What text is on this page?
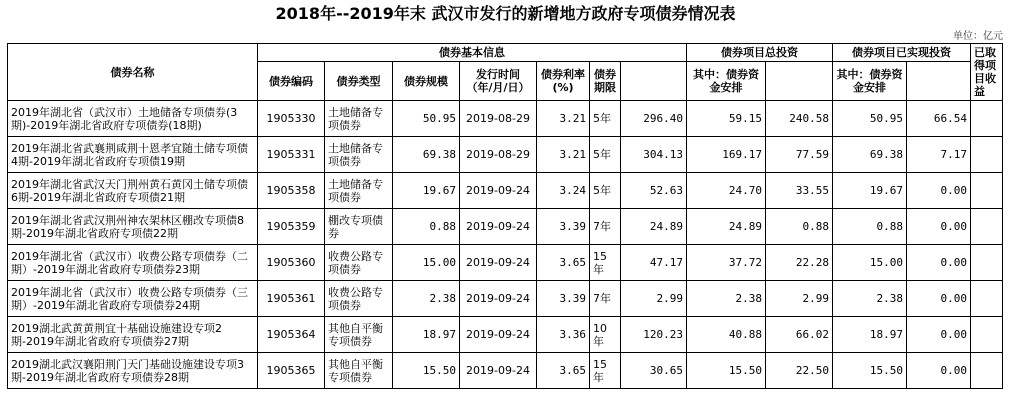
2018年--2019年末 武汉市发行的新增地方政府专项债券情况表
单位：亿元
债券名称	债券基本信息							债券项目总投资		债券项目已实现投资		已取得项目收益	
	债券编码	债券类型	债券规模	发行时间（年/月/日）	债券利率(%)	债券期限		其中：债券资金安排		其中：债券资金安排			
2019年湖北省（武汉市）土地储备专项债券(3期)-2019年湖北省政府专项债券(18期)	1905330	土地储备专项债券	50.95	2019-08-29	3.21	5年	296.40	59.15	240.58	50.95	66.54		
2019年湖北省武襄荆咸荆十恩孝宜随土储专项债4期-2019年湖北省政府专项债19期	1905331	土地储备专项债券	69.38	2019-08-29	3.21	5年	304.13	169.17	77.59	69.38	7.17		
2019年湖北省武汉天门荆州黄石黄冈土储专项债6期-2019年湖北省政府专项债21期	1905358	土地储备专项债券	19.67	2019-09-24	3.24	5年	52.63	24.70	33.55	19.67	0.00		
2019年湖北省武汉荆州神农架林区棚改专项债8期-2019年湖北省政府专项债22期	1905359	棚改专项债券	0.88	2019-09-24	3.39	7年	24.89	24.89	0.88	0.88	0.00		
2019年湖北省（武汉市）收费公路专项债券（二期）-2019年湖北省政府专项债券23期	1905360	收费公路专项债券	15.00	2019-09-24	3.65	15年	47.17	37.72	22.28	15.00	0.00		
2019年湖北省（武汉市）收费公路专项债券（三期）-2019年湖北省政府专项债券24期	1905361	收费公路专项债券	2.38	2019-09-24	3.39	7年	2.99	2.38	2.99	2.38	0.00		
2019湖北武黄黄荆宜十基础设施建设专项2期-2019年湖北省政府专项债券27期	1905364	其他自平衡专项债券	18.97	2019-09-24	3.36	10年	120.23	40.88	66.02	18.97	0.00		
2019湖北武汉襄阳荆门天门基础设施建设专项3期-2019年湖北省政府专项债券28期	1905365	其他自平衡专项债券	15.50	2019-09-24	3.65	15年	30.65	15.50	22.50	15.50	0.00		
